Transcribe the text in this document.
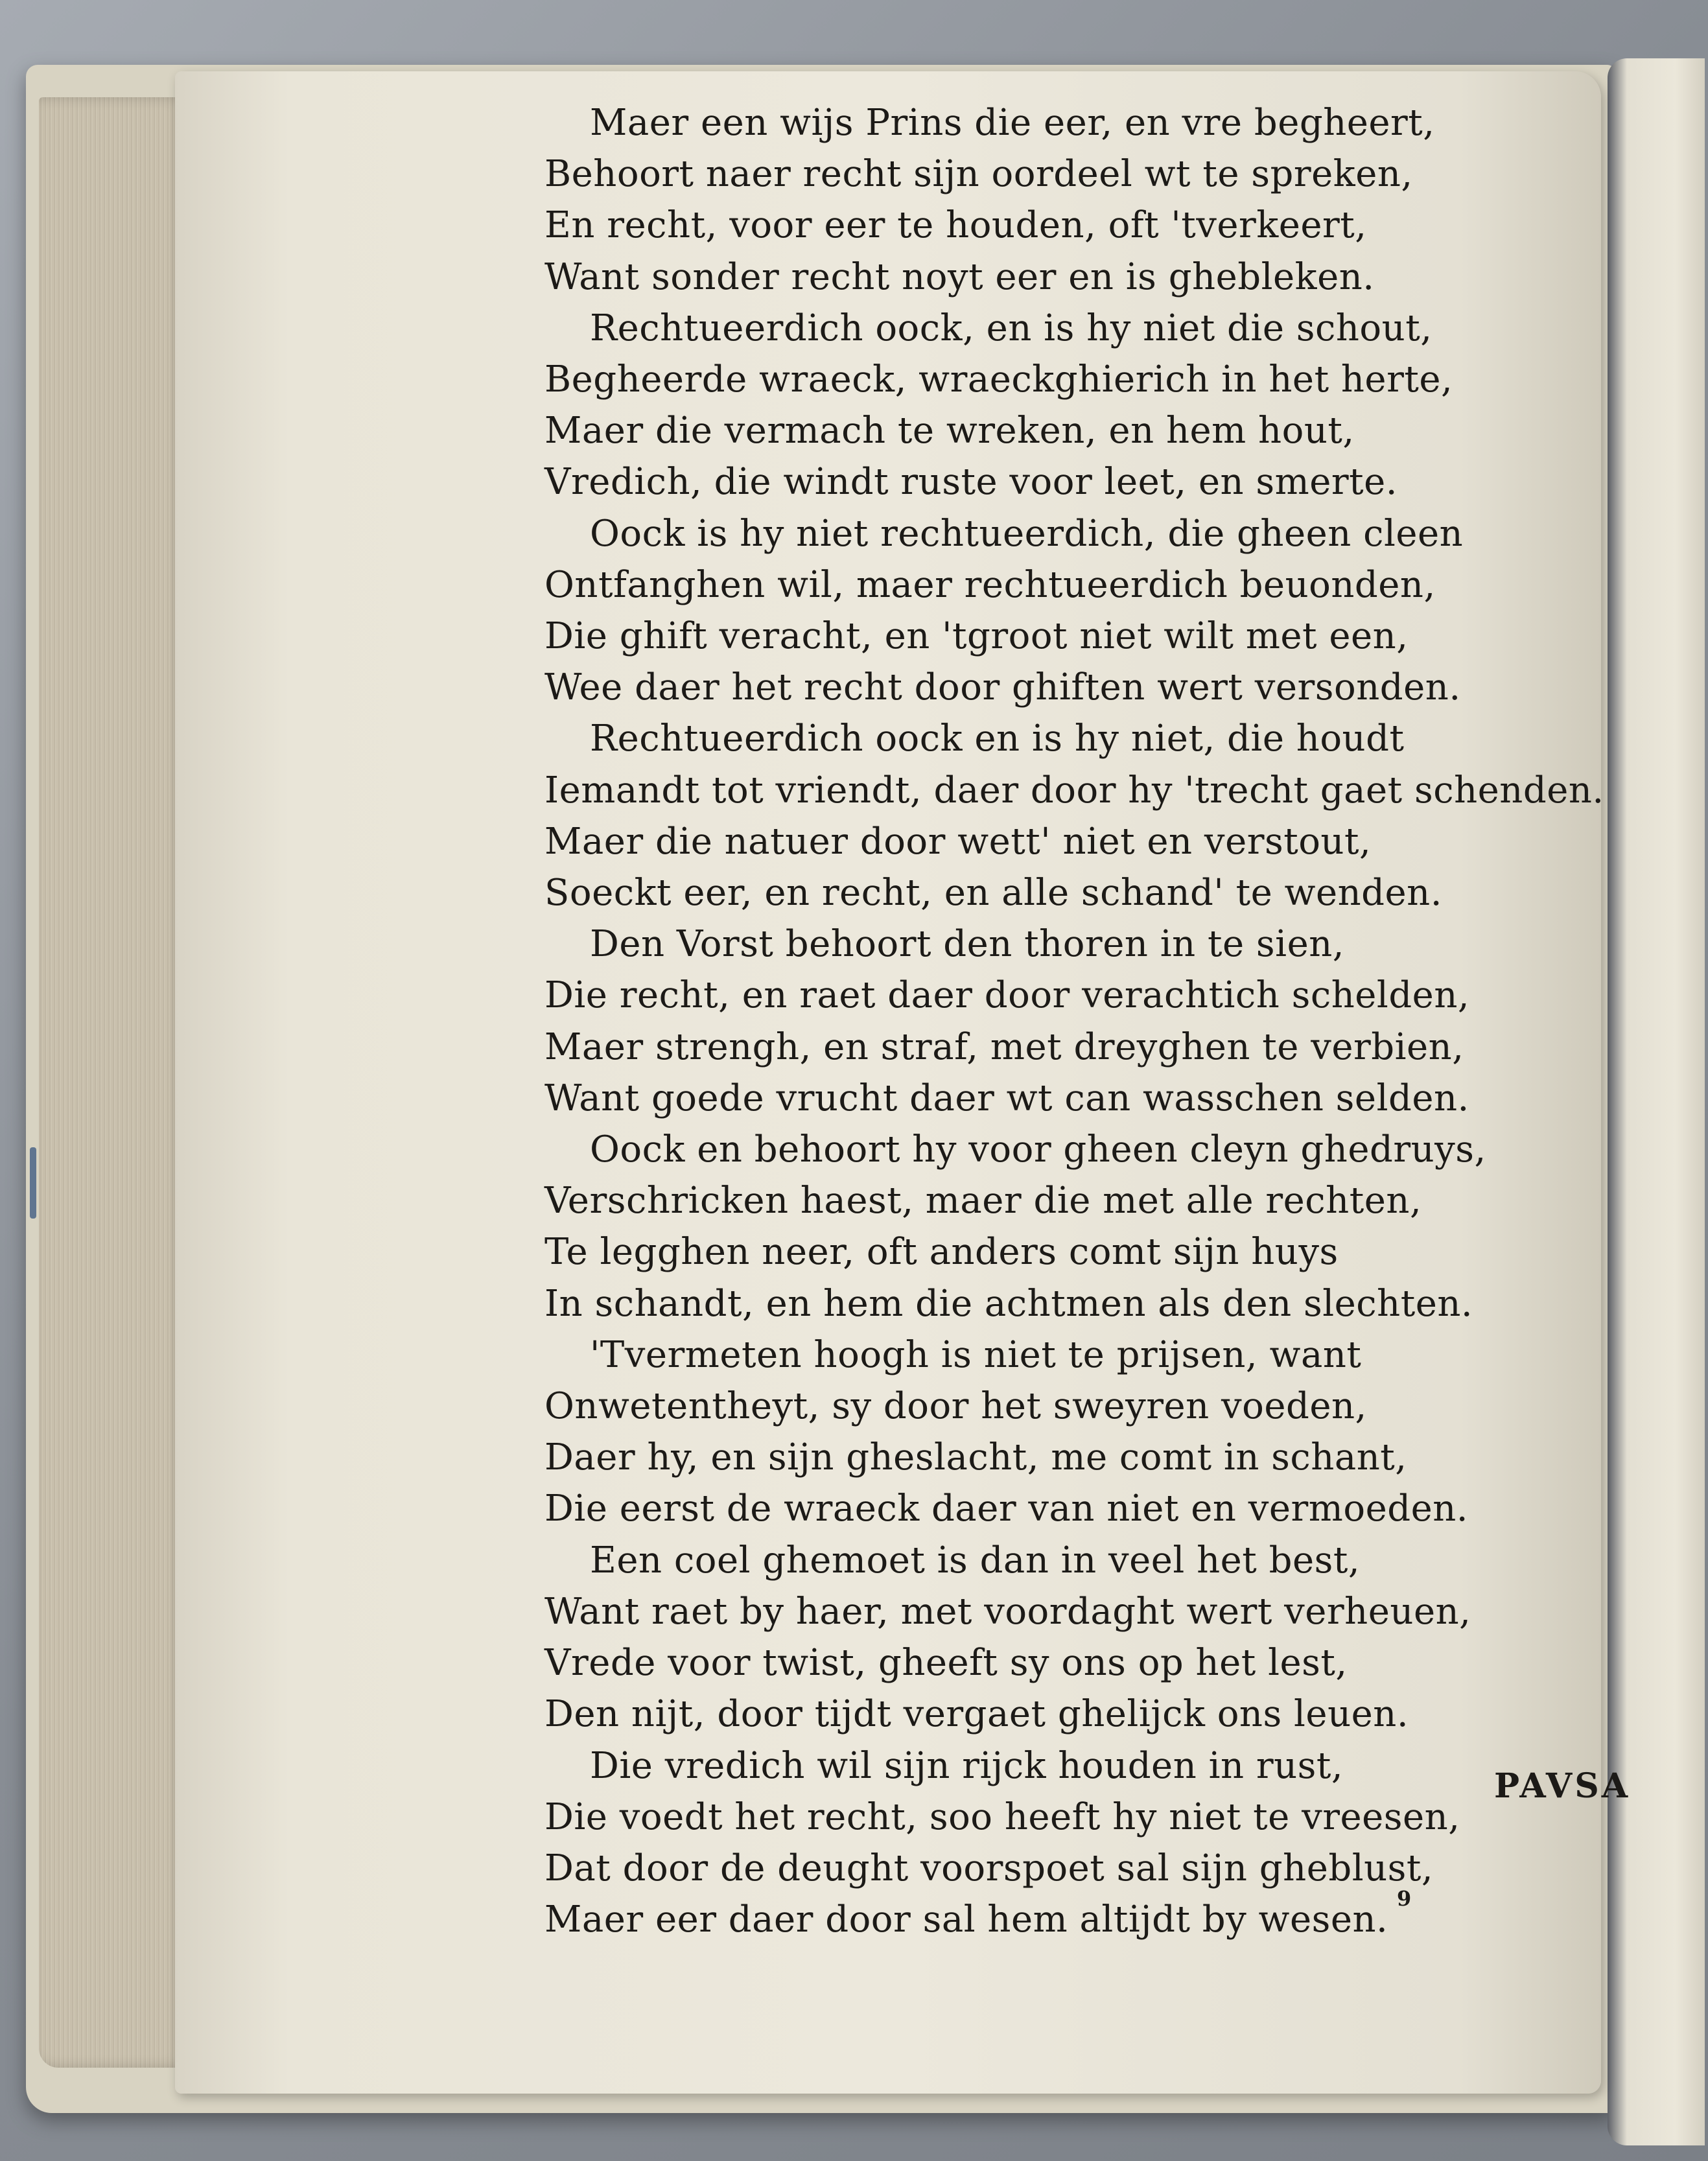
Maer een wijs Prins die eer, en vre begheert,
Behoort naer recht sijn oordeel wt te spreken,
En recht, voor eer te houden, oft 'tverkeert,
Want sonder recht noyt eer en is ghebleken.
Rechtueerdich oock, en is hy niet die schout,
Begheerde wraeck, wraeckghierich in het herte,
Maer die vermach te wreken, en hem hout,
Vredich, die windt ruste voor leet, en smerte.
Oock is hy niet rechtueerdich, die gheen cleen
Ontfanghen wil, maer rechtueerdich beuonden,
Die ghift veracht, en 'tgroot niet wilt met een,
Wee daer het recht door ghiften wert versonden.
Rechtueerdich oock en is hy niet, die houdt
Iemandt tot vriendt, daer door hy 'trecht gaet schenden.
Maer die natuer door wett' niet en verstout,
Soeckt eer, en recht, en alle schand' te wenden.
Den Vorst behoort den thoren in te sien,
Die recht, en raet daer door verachtich schelden,
Maer strengh, en straf, met dreyghen te verbien,
Want goede vrucht daer wt can wasschen selden.
Oock en behoort hy voor gheen cleyn ghedruys,
Verschricken haest, maer die met alle rechten,
Te legghen neer, oft anders comt sijn huys
In schandt, en hem die achtmen als den slechten.
'Tvermeten hoogh is niet te prijsen, want
Onwetentheyt, sy door het sweyren voeden,
Daer hy, en sijn gheslacht, me comt in schant,
Die eerst de wraeck daer van niet en vermoeden.
Een coel ghemoet is dan in veel het best,
Want raet by haer, met voordaght wert verheuen,
Vrede voor twist, gheeft sy ons op het lest,
Den nijt, door tijdt vergaet ghelijck ons leuen.
Die vredich wil sijn rijck houden in rust,
Die voedt het recht, soo heeft hy niet te vreesen,
Dat door de deught voorspoet sal sijn gheblust,
Maer eer daer door sal hem altijdt by wesen.
PAVSA
9
